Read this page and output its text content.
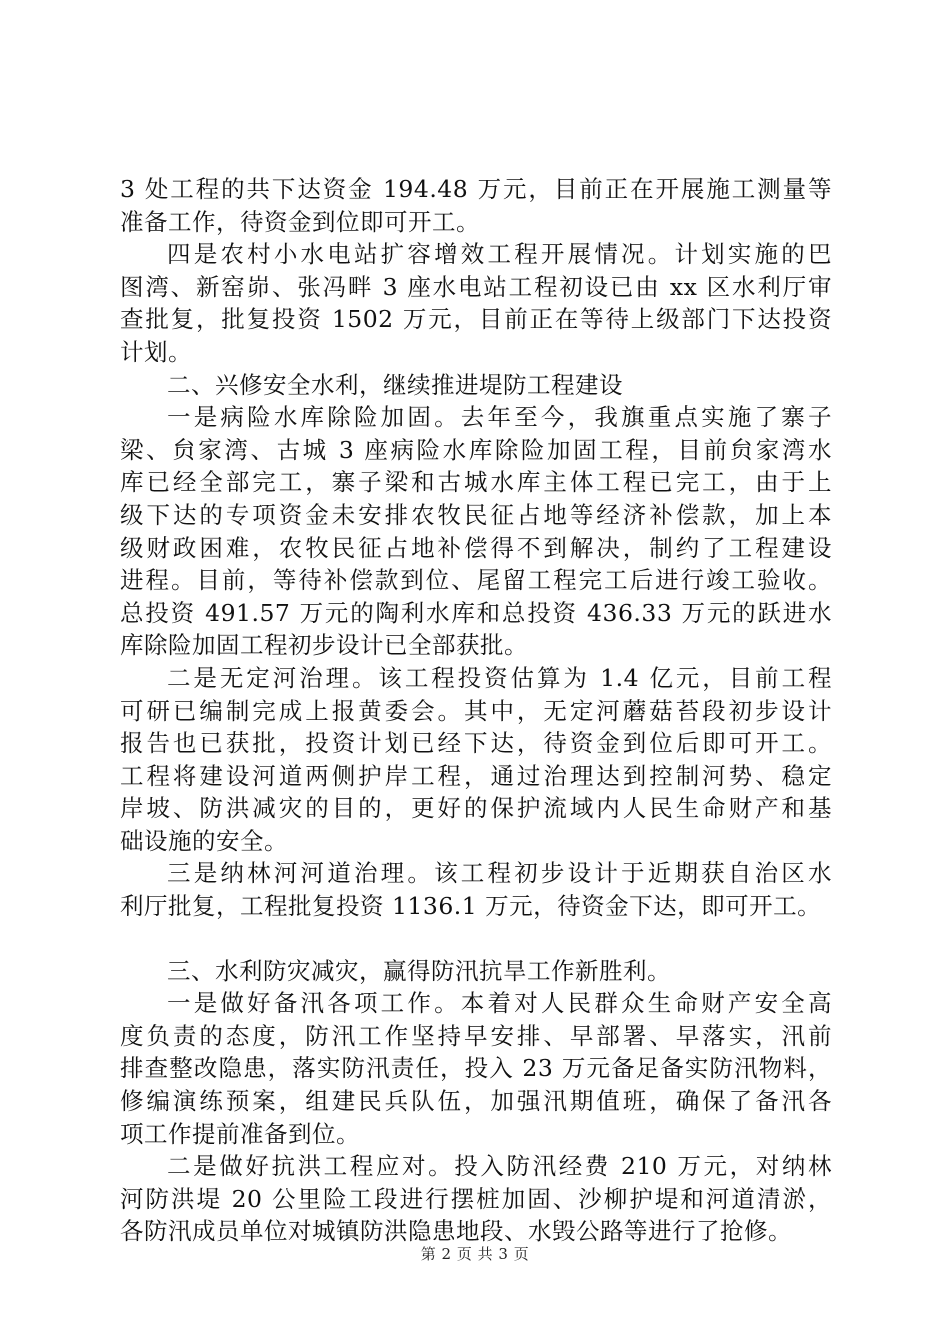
3 处工程的共下达资金 194.48 万元，目前正在开展施工测量等
准备工作，待资金到位即可开工。
四是农村小水电站扩容增效工程开展情况。计划实施的巴
图湾、新窑峁、张冯畔 3 座水电站工程初设已由 xx 区水利厅审
查批复，批复投资 1502 万元，目前正在等待上级部门下达投资
计划。
二、兴修安全水利，继续推进堤防工程建设
一是病险水库除险加固。去年至今，我旗重点实施了寨子
梁、贠家湾、古城 3 座病险水库除险加固工程，目前贠家湾水
库已经全部完工，寨子梁和古城水库主体工程已完工，由于上
级下达的专项资金未安排农牧民征占地等经济补偿款，加上本
级财政困难，农牧民征占地补偿得不到解决，制约了工程建设
进程。目前，等待补偿款到位、尾留工程完工后进行竣工验收。
总投资 491.57 万元的陶利水库和总投资 436.33 万元的跃进水
库除险加固工程初步设计已全部获批。
二是无定河治理。该工程投资估算为 1.4 亿元，目前工程
可研已编制完成上报黄委会。其中，无定河蘑菇苔段初步设计
报告也已获批，投资计划已经下达，待资金到位后即可开工。
工程将建设河道两侧护岸工程，通过治理达到控制河势、稳定
岸坡、防洪减灾的目的，更好的保护流域内人民生命财产和基
础设施的安全。
三是纳林河河道治理。该工程初步设计于近期获自治区水
利厅批复，工程批复投资 1136.1 万元，待资金下达，即可开工。
三、水利防灾减灾，赢得防汛抗旱工作新胜利。
一是做好备汛各项工作。本着对人民群众生命财产安全高
度负责的态度，防汛工作坚持早安排、早部署、早落实，汛前
排查整改隐患，落实防汛责任，投入 23 万元备足备实防汛物料，
修编演练预案，组建民兵队伍，加强汛期值班，确保了备汛各
项工作提前准备到位。
二是做好抗洪工程应对。投入防汛经费 210 万元，对纳林
河防洪堤 20 公里险工段进行摆桩加固、沙柳护堤和河道清淤，
各防汛成员单位对城镇防洪隐患地段、水毁公路等进行了抢修。
第 2 页 共 3 页
